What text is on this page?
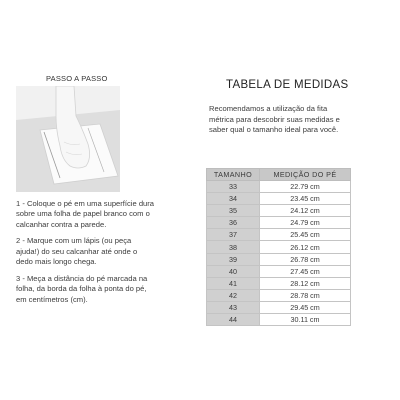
PASSO A PASSO

1 - Coloque o pé em uma superfície dura sobre uma folha de papel branco com o calcanhar contra a parede.

2 - Marque com um lápis (ou peça ajuda!) do seu calcanhar até onde o dedo mais longo chega.

3 - Meça a distância do pé marcada na folha, da borda da folha à ponta do pé, em centímetros (cm).

TABELA DE MEDIDAS
Recomendamos a utilização da fita métrica para descobrir suas medidas e saber qual o tamanho ideal para você.
TAMANHO	MEDIÇÃO DO PÉ
33	22.79 cm
34	23.45 cm
35	24.12 cm
36	24.79 cm
37	25.45 cm
38	26.12 cm
39	26.78 cm
40	27.45 cm
41	28.12 cm
42	28.78 cm
43	29.45 cm
44	30.11 cm
